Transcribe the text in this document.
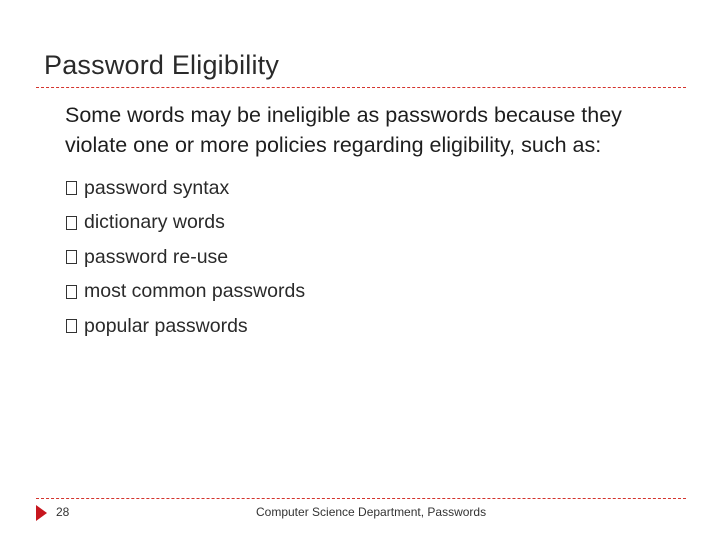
Password Eligibility
Some words may be ineligible as passwords because they
violate one or more policies regarding eligibility, such as:
password syntax
dictionary words
password re-use
most common passwords
popular passwords
28	Computer Science Department, Passwords
